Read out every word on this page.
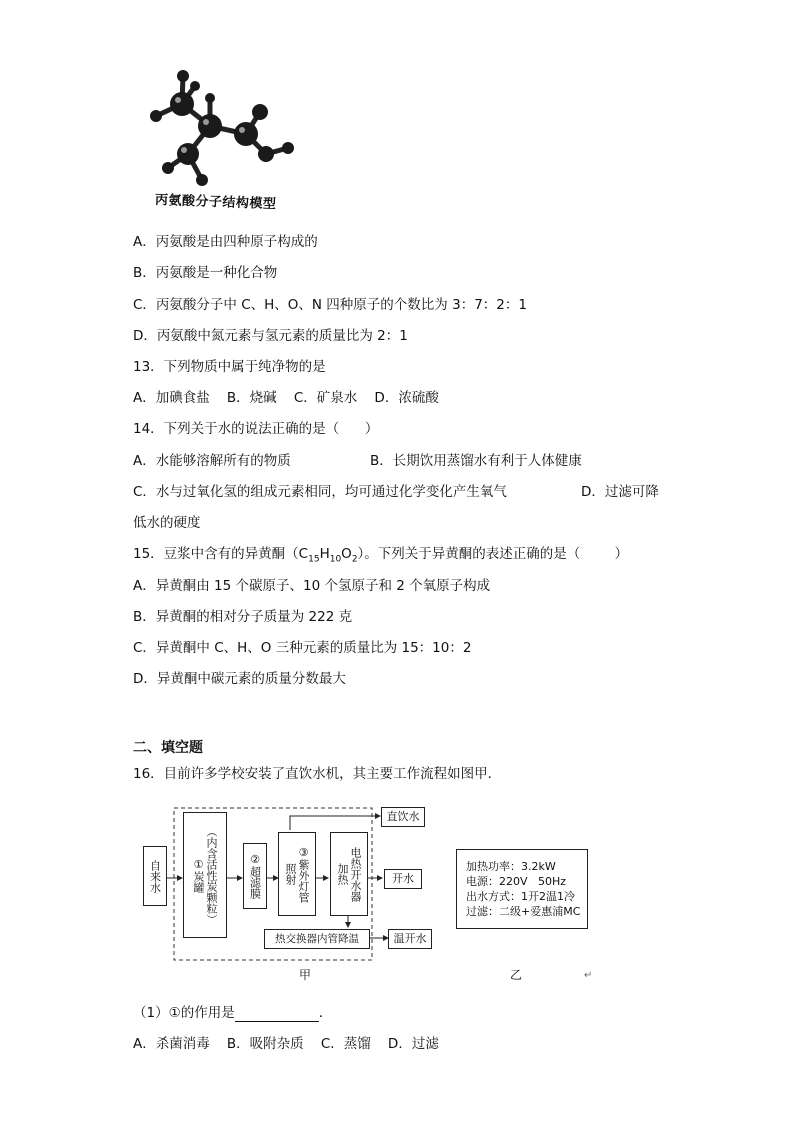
丙氨酸分子结构模型
A．丙氨酸是由四种原子构成的
B．丙氨酸是一种化合物
C．丙氨酸分子中 C、H、O、N 四种原子的个数比为 3：7：2：1
D．丙氨酸中氮元素与氢元素的质量比为 2：1
13．下列物质中属于纯净物的是
A．加碘食盐    B．烧碱    C．矿泉水    D．浓硫酸
14．下列关于水的说法正确的是（      ）
A．水能够溶解所有的物质	B．长期饮用蒸馏水有利于人体健康
C．水与过氧化氢的组成元素相同，均可通过化学变化产生氧气	D．过滤可降
低水的硬度
15．豆浆中含有的异黄酮$(C_{15}H_{10}O_2)$。下列关于异黄酮的表述正确的是（        ）
A．异黄酮由 15 个碳原子、10 个氢原子和 2 个氧原子构成
B．异黄酮的相对分子质量为 222 克
C．异黄酮中 C、H、O 三种元素的质量比为 15：10：2
D．异黄酮中碳元素的质量分数最大
二、填空题
16．目前许多学校安装了直饮水机，其主要工作流程如图甲．
自来水	（内含活性炭颗粒）
①炭罐	②超滤膜	③紫外灯管
照射	电热开水器
加热
热交换器内管降温
直饮水
开水
温开水
甲
加热功率：3.2kW
电源：220V   50Hz
出水方式：1开2温1冷
过滤：二级+爱惠浦MC
乙	↵
（1）①的作用是	．
A．杀菌消毒    B．吸附杂质    C．蒸馏    D．过滤
